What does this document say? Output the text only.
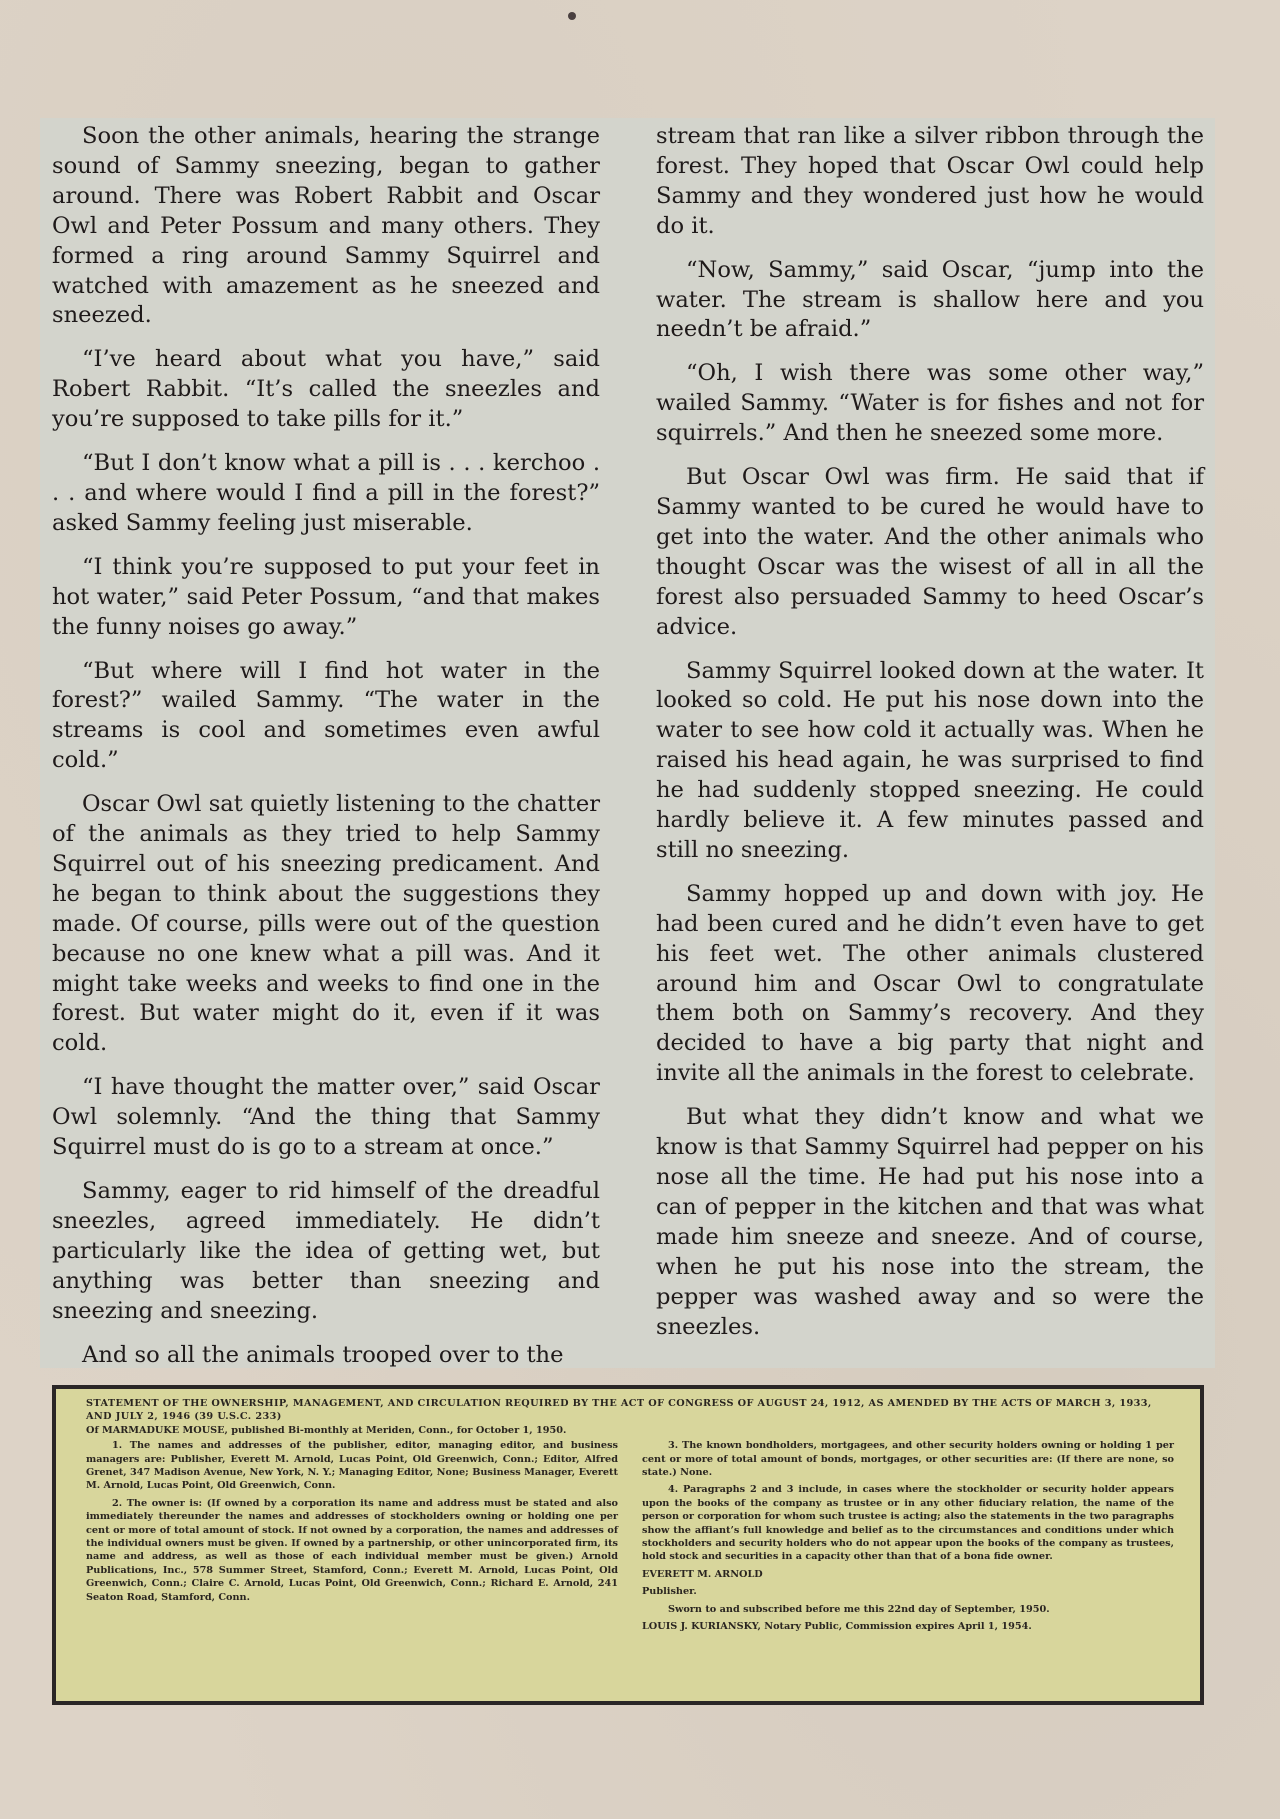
Soon the other animals, hearing the strange sound of Sammy sneezing, began to gather around. There was Robert Rabbit and Oscar Owl and Peter Possum and many others. They formed a ring around Sammy Squirrel and watched with amazement as he sneezed and sneezed.

“I’ve heard about what you have,” said Robert Rabbit. “It’s called the sneezles and you’re supposed to take pills for it.”

“But I don’t know what a pill is . . . kerchoo . . . and where would I find a pill in the forest?” asked Sammy feeling just miserable.

“I think you’re supposed to put your feet in hot water,” said Peter Possum, “and that makes the funny noises go away.”

“But where will I find hot water in the forest?” wailed Sammy. “The water in the streams is cool and sometimes even awful cold.”

Oscar Owl sat quietly listening to the chatter of the animals as they tried to help Sammy Squirrel out of his sneezing predicament. And he began to think about the suggestions they made. Of course, pills were out of the question because no one knew what a pill was. And it might take weeks and weeks to find one in the forest. But water might do it, even if it was cold.

“I have thought the matter over,” said Oscar Owl solemnly. “And the thing that Sammy Squirrel must do is go to a stream at once.”

Sammy, eager to rid himself of the dreadful sneezles, agreed immediately. He didn’t particularly like the idea of getting wet, but anything was better than sneezing and sneezing and sneezing.

And so all the animals trooped over to the

stream that ran like a silver ribbon through the forest. They hoped that Oscar Owl could help Sammy and they wondered just how he would do it.

“Now, Sammy,” said Oscar, “jump into the water. The stream is shallow here and you needn’t be afraid.”

“Oh, I wish there was some other way,” wailed Sammy. “Water is for fishes and not for squirrels.” And then he sneezed some more.

But Oscar Owl was firm. He said that if Sammy wanted to be cured he would have to get into the water. And the other animals who thought Oscar was the wisest of all in all the forest also persuaded Sammy to heed Oscar’s advice.

Sammy Squirrel looked down at the water. It looked so cold. He put his nose down into the water to see how cold it actually was. When he raised his head again, he was surprised to find he had suddenly stopped sneezing. He could hardly believe it. A few minutes passed and still no sneezing.

Sammy hopped up and down with joy. He had been cured and he didn’t even have to get his feet wet. The other animals clustered around him and Oscar Owl to congratulate them both on Sammy’s recovery. And they decided to have a big party that night and invite all the animals in the forest to celebrate.

But what they didn’t know and what we know is that Sammy Squirrel had pepper on his nose all the time. He had put his nose into a can of pepper in the kitchen and that was what made him sneeze and sneeze. And of course, when he put his nose into the stream, the pepper was washed away and so were the sneezles.

STATEMENT OF THE OWNERSHIP, MANAGEMENT, AND CIRCULATION REQUIRED BY THE ACT OF CONGRESS OF AUGUST 24, 1912, AS AMENDED BY THE ACTS OF MARCH 3, 1933, AND JULY 2, 1946 (39 U.S.C. 233)

Of MARMADUKE MOUSE, published Bi-monthly at Meriden, Conn., for October 1, 1950.

1. The names and addresses of the publisher, editor, managing editor, and business managers are: Publisher, Everett M. Arnold, Lucas Point, Old Greenwich, Conn.; Editor, Alfred Grenet, 347 Madison Avenue, New York, N. Y.; Managing Editor, None; Business Manager, Everett M. Arnold, Lucas Point, Old Greenwich, Conn.

2. The owner is: (If owned by a corporation its name and address must be stated and also immediately thereunder the names and addresses of stockholders owning or holding one per cent or more of total amount of stock. If not owned by a corporation, the names and addresses of the individual owners must be given. If owned by a partnership, or other unincorporated firm, its name and address, as well as those of each individual member must be given.) Arnold Publications, Inc., 578 Summer Street, Stamford, Conn.; Everett M. Arnold, Lucas Point, Old Greenwich, Conn.; Claire C. Arnold, Lucas Point, Old Greenwich, Conn.; Richard E. Arnold, 241 Seaton Road, Stamford, Conn.

3. The known bondholders, mortgagees, and other security holders owning or holding 1 per cent or more of total amount of bonds, mortgages, or other securities are: (If there are none, so state.) None.

4. Paragraphs 2 and 3 include, in cases where the stockholder or security holder appears upon the books of the company as trustee or in any other fiduciary relation, the name of the person or corporation for whom such trustee is acting; also the statements in the two paragraphs show the affiant’s full knowledge and belief as to the circumstances and conditions under which stockholders and security holders who do not appear upon the books of the company as trustees, hold stock and securities in a capacity other than that of a bona fide owner.

EVERETT M. ARNOLD

Publisher.

Sworn to and subscribed before me this 22nd day of September, 1950.

LOUIS J. KURIANSKY, Notary Public, Commission expires April 1, 1954.
